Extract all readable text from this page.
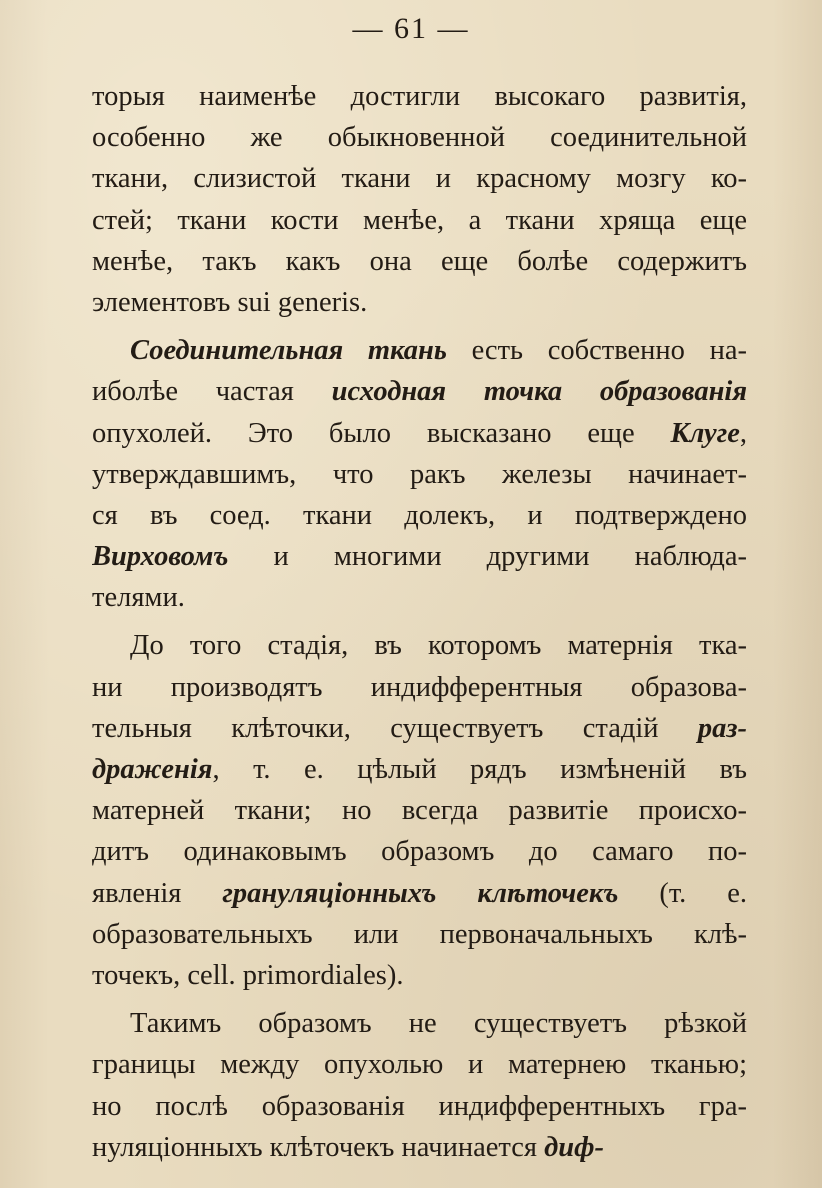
— 61 —
торыя наименѣе достигли высокаго развитія,
особенно же обыкновенной соединительной
ткани, слизистой ткани и красному мозгу ко-
стей; ткани кости менѣе, а ткани хряща еще
менѣе, такъ какъ она еще болѣе содержитъ
элементовъ sui generis.
Соединительная ткань есть собственно на-
иболѣе частая исходная точка образованія
опухолей. Это было высказано еще Клуге,
утверждавшимъ, что ракъ железы начинает-
ся въ соед. ткани долекъ, и подтверждено
Вирховомъ и многими другими наблюда-
телями.
До того стадія, въ которомъ матернія тка-
ни производятъ индифферентныя образова-
тельныя клѣточки, существуетъ стадій раз-
драженія, т. е. цѣлый рядъ измѣненій въ
матерней ткани; но всегда развитіе происхо-
дитъ одинаковымъ образомъ до самаго по-
явленія грануляціонныхъ клѣточекъ (т. е.
образовательныхъ или первоначальныхъ клѣ-
точекъ, cell. primordiales).
Такимъ образомъ не существуетъ рѣзкой
границы между опухолью и матернею тканью;
но послѣ образованія индифферентныхъ гра-
нуляціонныхъ клѣточекъ начинается диф-
